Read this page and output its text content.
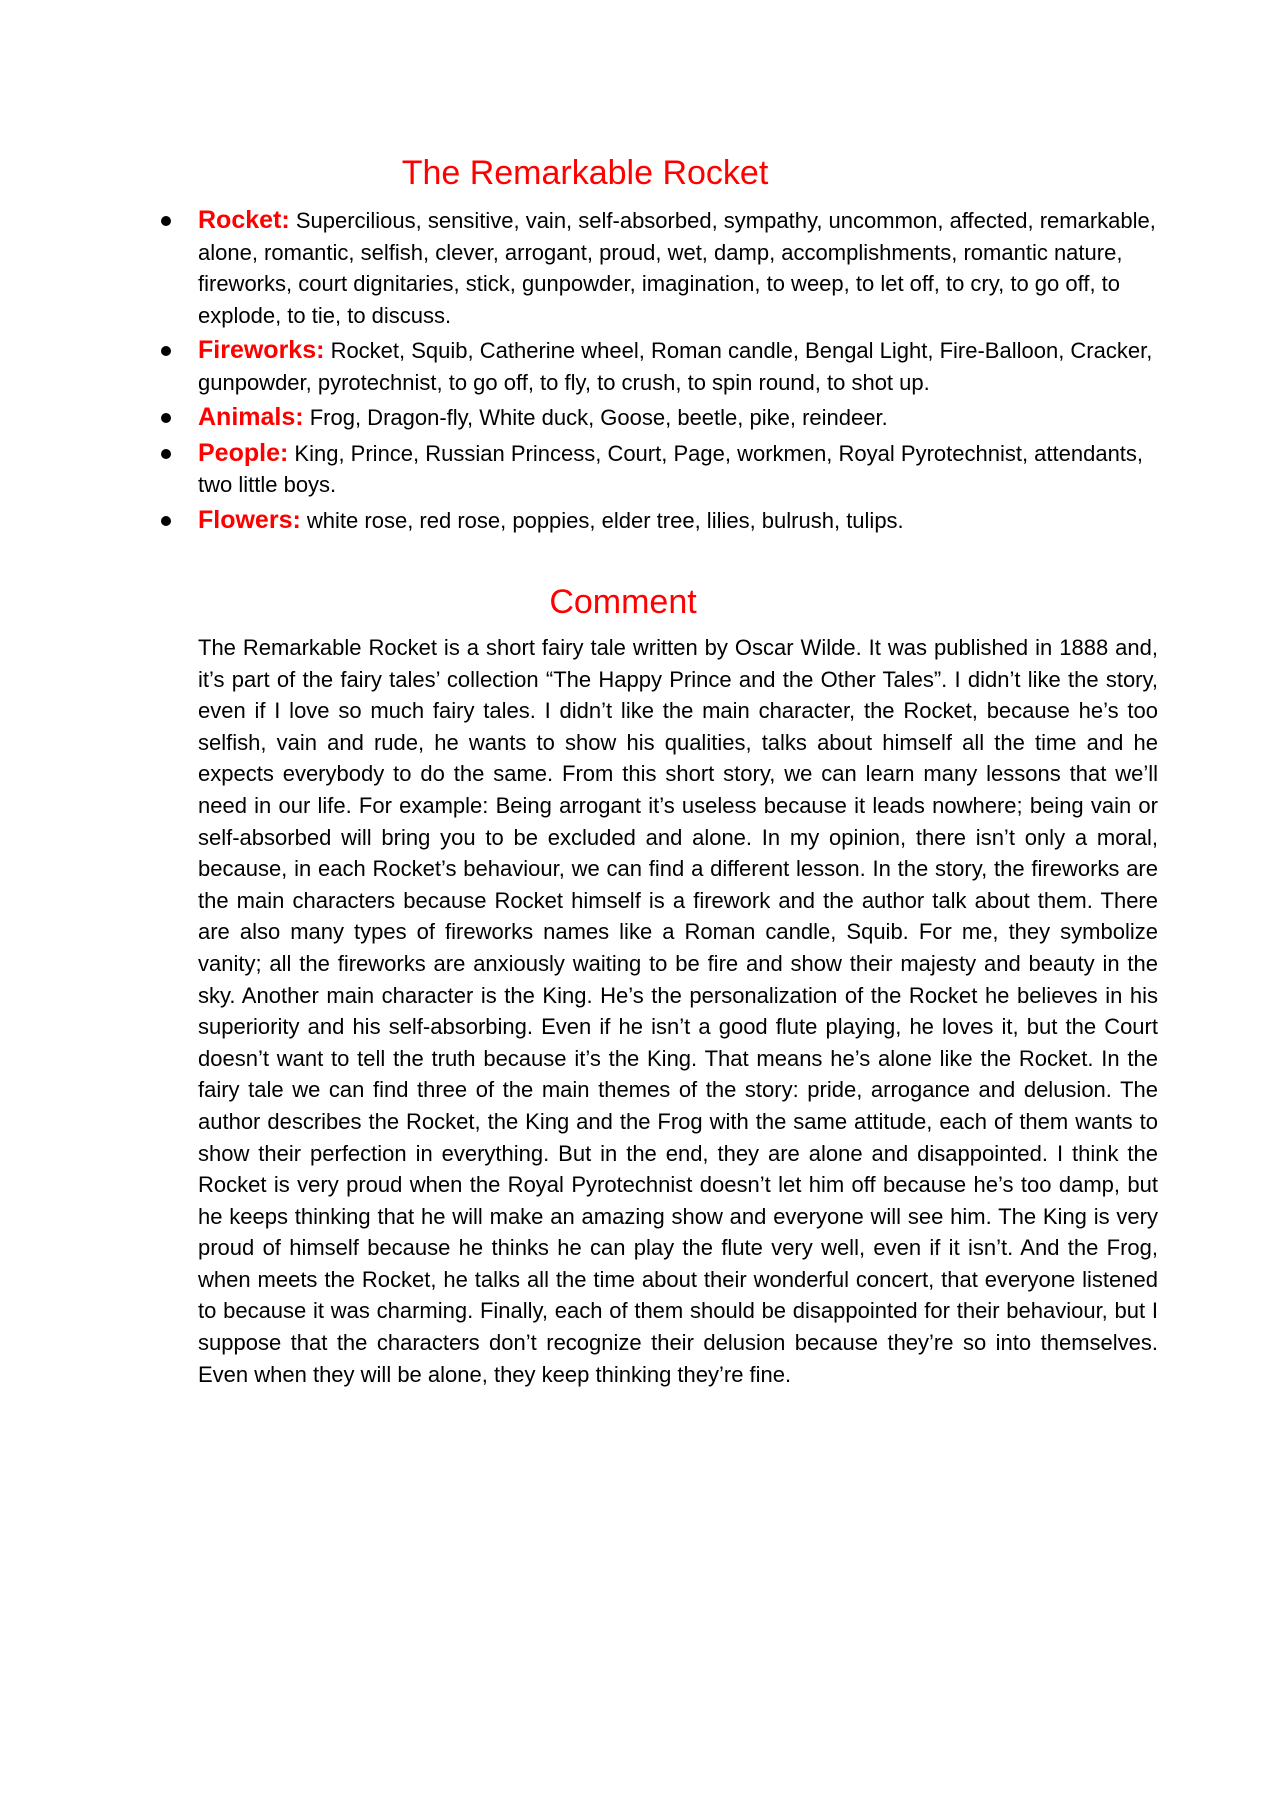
The Remarkable Rocket
Rocket: Supercilious, sensitive, vain, self-absorbed, sympathy, uncommon, affected, remarkable, alone, romantic, selfish, clever, arrogant, proud, wet, damp, accomplishments, romantic nature, fireworks, court dignitaries, stick, gunpowder, imagination, to weep, to let off, to cry, to go off, to explode, to tie, to discuss.
Fireworks: Rocket, Squib, Catherine wheel, Roman candle, Bengal Light, Fire-Balloon, Cracker, gunpowder, pyrotechnist, to go off, to fly, to crush, to spin round, to shot up.
Animals: Frog, Dragon-fly, White duck, Goose, beetle, pike, reindeer.
People: King, Prince, Russian Princess, Court, Page, workmen, Royal Pyrotechnist, attendants, two little boys.
Flowers: white rose, red rose, poppies, elder tree, lilies, bulrush, tulips.
Comment

The Remarkable Rocket is a short fairy tale written by Oscar Wilde. It was published in 1888 and, it’s part of the fairy tales’ collection “The Happy Prince and the Other Tales”. I didn’t like the story, even if I love so much fairy tales. I didn’t like the main character, the Rocket, because he’s too selfish, vain and rude, he wants to show his qualities, talks about himself all the time and he expects everybody to do the same. From this short story, we can learn many lessons that we’ll need in our life. For example: Being arrogant it’s useless because it leads nowhere; being vain or self-absorbed will bring you to be excluded and alone. In my opinion, there isn’t only a moral, because, in each Rocket’s behaviour, we can find a different lesson. In the story, the fireworks are the main characters because Rocket himself is a firework and the author talk about them. There are also many types of fireworks names like a Roman candle, Squib. For me, they symbolize vanity; all the fireworks are anxiously waiting to be fire and show their majesty and beauty in the sky. Another main character is the King. He’s the personalization of the Rocket he believes in his superiority and his self-absorbing. Even if he isn’t a good flute playing, he loves it, but the Court doesn’t want to tell the truth because it’s the King. That means he’s alone like the Rocket. In the fairy tale we can find three of the main themes of the story: pride, arrogance and delusion. The author describes the Rocket, the King and the Frog with the same attitude, each of them wants to show their perfection in everything. But in the end, they are alone and disappointed. I think the Rocket is very proud when the Royal Pyrotechnist doesn’t let him off because he’s too damp, but he keeps thinking that he will make an amazing show and everyone will see him. The King is very proud of himself because he thinks he can play the flute very well, even if it isn’t. And the Frog, when meets the Rocket, he talks all the time about their wonderful concert, that everyone listened to because it was charming. Finally, each of them should be disappointed for their behaviour, but I suppose that the characters don’t recognize their delusion because they’re so into themselves. Even when they will be alone, they keep thinking they’re fine.
